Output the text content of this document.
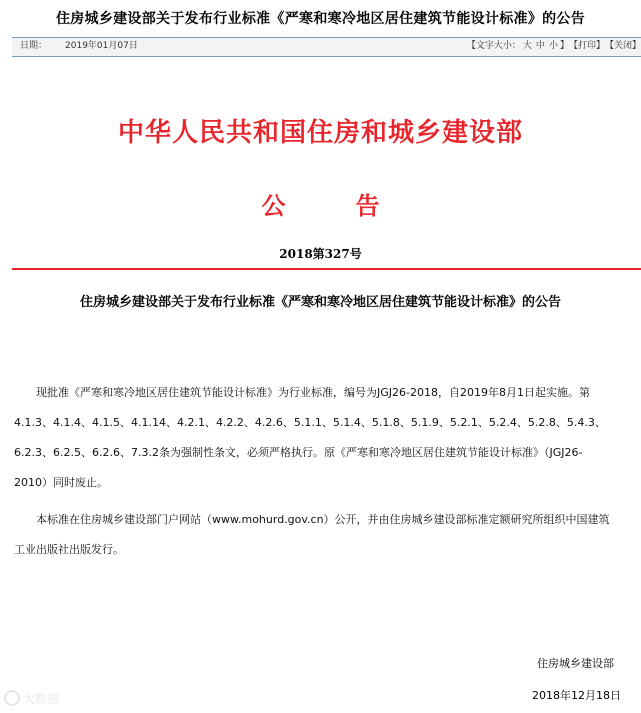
住房城乡建设部关于发布行业标准《严寒和寒冷地区居住建筑节能设计标准》的公告
日期： 2019年01月07日	【文字大小： 大 中 小 】【打印】【关闭】
中华人民共和国住房和城乡建设部
公告
2018第327号
住房城乡建设部关于发布行业标准《严寒和寒冷地区居住建筑节能设计标准》的公告

现批准《严寒和寒冷地区居住建筑节能设计标准》为行业标准，编号为JGJ26-2018，自2019年8月1日起实施。第4.1.3、4.1.4、4.1.5、4.1.14、4.2.1、4.2.2、4.2.6、5.1.1、5.1.4、5.1.8、5.1.9、5.2.1、5.2.4、5.2.8、5.4.3、6.2.3、6.2.5、6.2.6、7.3.2条为强制性条文，必须严格执行。原《严寒和寒冷地区居住建筑节能设计标准》（JGJ26-2010）同时废止。

本标准在住房城乡建设部门户网站（www.mohurd.gov.cn）公开，并由住房城乡建设部标准定额研究所组织中国建筑工业出版社出版发行。

住房城乡建设部
2018年12月18日
大数据
